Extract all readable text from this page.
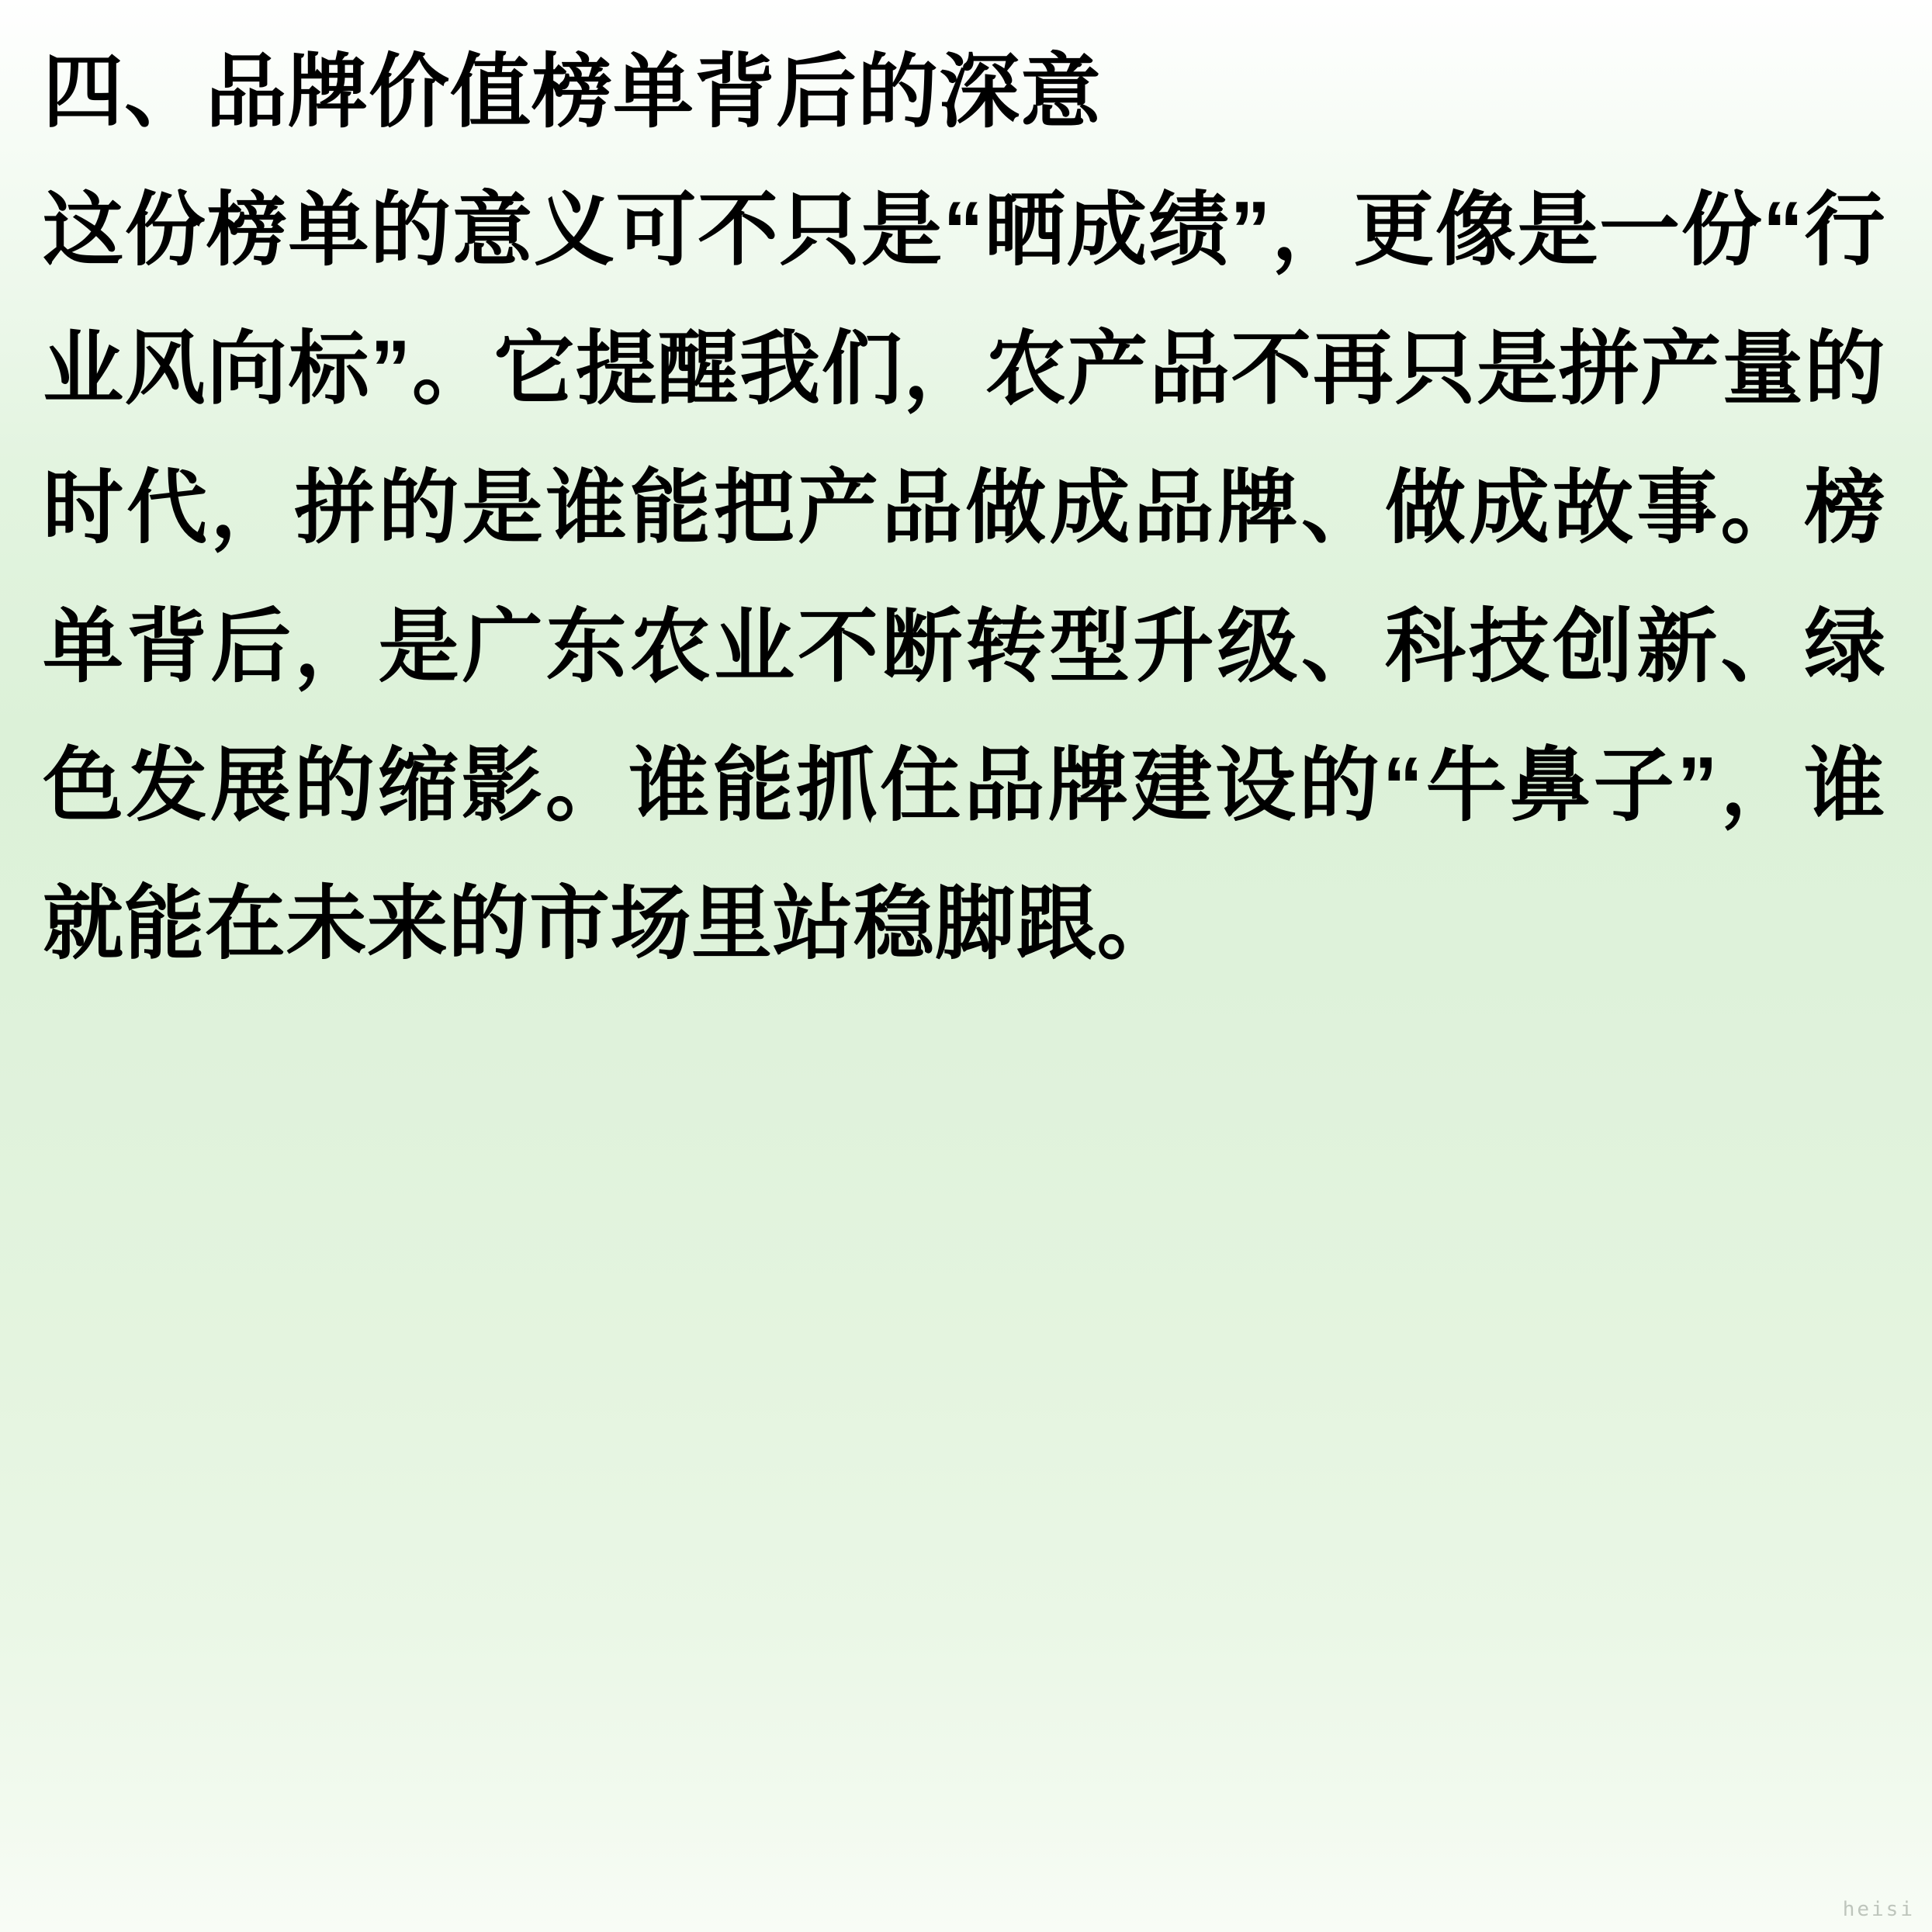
四、品牌价值榜单背后的深意

这份榜单的意义可不只是“晒成绩”，更像是一份“行业风向标”。它提醒我们，农产品不再只是拼产量的时代，拼的是谁能把产品做成品牌、做成故事。榜单背后，是广东农业不断转型升级、科技创新、绿色发展的缩影。谁能抓住品牌建设的“牛鼻子”，谁就能在未来的市场里站稳脚跟。

heisi
